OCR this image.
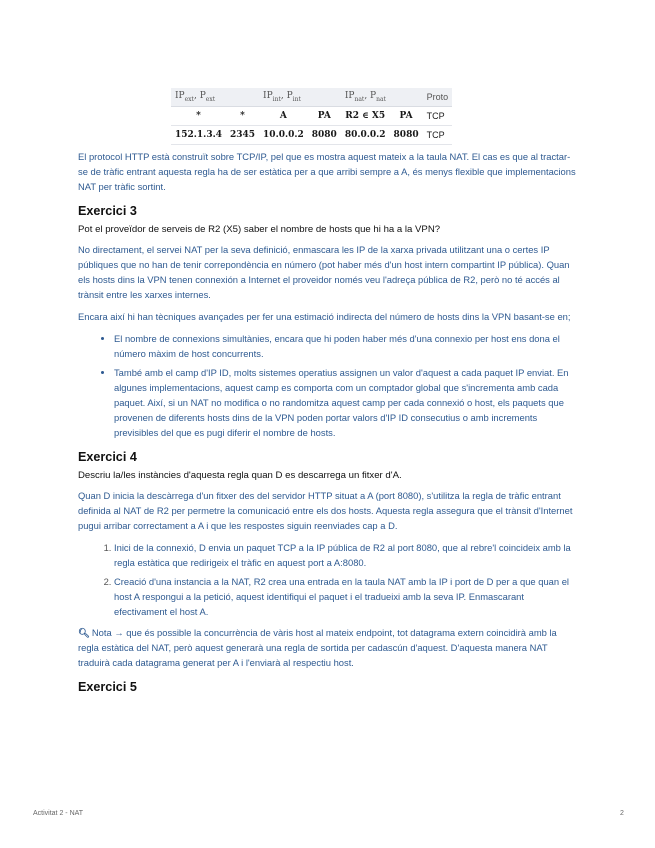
$IP_{ext}$, $P_{ext}$		$IP_{int}$, $P_{int}$		$IP_{nat}$, $P_{nat}$		Proto
*	*	A	PA	R2 ∈ X5	PA	TCP
152.1.3.4	2345	10.0.0.2	8080	80.0.0.2	8080	TCP

El protocol HTTP està construït sobre TCP/IP, pel que es mostra aquest mateix a la taula NAT. El cas es que al tractar-se de tràfic entrant aquesta regla ha de ser estàtica per a que arribi sempre a A, és menys flexible que implementacions NAT per tràfic sortint.

Exercici 3

Pot el proveïdor de serveis de R2 (X5) saber el nombre de hosts que hi ha a la VPN?

No directament, el servei NAT per la seva definició, enmascara les IP de la xarxa privada utilitzant una o certes IP públiques que no han de tenir correpondència en número (pot haber més d'un host intern compartint IP pública). Quan els hosts dins la VPN tenen connexión a Internet el proveidor només veu l'adreça pública de R2, però no té accés al trànsit entre les xarxes internes.

Encara així hi han tècniques avançades per fer una estimació indirecta del número de hosts dins la VPN basant-se en;

• El nombre de connexions simultànies, encara que hi poden haber més d'una connexio per host ens dona el número màxim de host concurrents.
• També amb el camp d'IP ID, molts sistemes operatius assignen un valor d'aquest a cada paquet IP enviat. En algunes implementacions, aquest camp es comporta com un comptador global que s'incrementa amb cada paquet. Així, si un NAT no modifica o no randomitza aquest camp per cada connexió o host, els paquets que provenen de diferents hosts dins de la VPN poden portar valors d'IP ID consecutius o amb increments previsibles del que es pugi diferir el nombre de hosts.
Exercici 4

Descriu la/les instàncies d'aquesta regla quan D es descarrega un fitxer d'A.

Quan D inicia la descàrrega d'un fitxer des del servidor HTTP situat a A (port 8080), s'utilitza la regla de tràfic entrant definida al NAT de R2 per permetre la comunicació entre els dos hosts. Aquesta regla assegura que el trànsit d'Internet pugui arribar correctament a A i que les respostes siguin reenviades cap a D.

1. Inici de la connexió, D envia un paquet TCP a la IP pública de R2 al port 8080, que al rebre'l coincideix amb la regla estàtica que redirigeix el tràfic en aquest port a A:8080.
2. Creació d'una instancia a la NAT, R2 crea una entrada en la taula NAT amb la IP i port de D per a que quan el host A respongui a la petició, aquest identifiqui el paquet i el tradueixi amb la seva IP. Enmascarant efectivament el host A.

🔍︎ Nota → que és possible la concurrència de vàris host al mateix endpoint, tot datagrama extern coincidirà amb la regla estàtica del NAT, però aquest generarà una regla de sortida per cadascún d'aquest. D'aquesta manera NAT traduirà cada datagrama generat per A i l'enviarà al respectiu host.

Exercici 5
Activitat 2 - NAT	2
